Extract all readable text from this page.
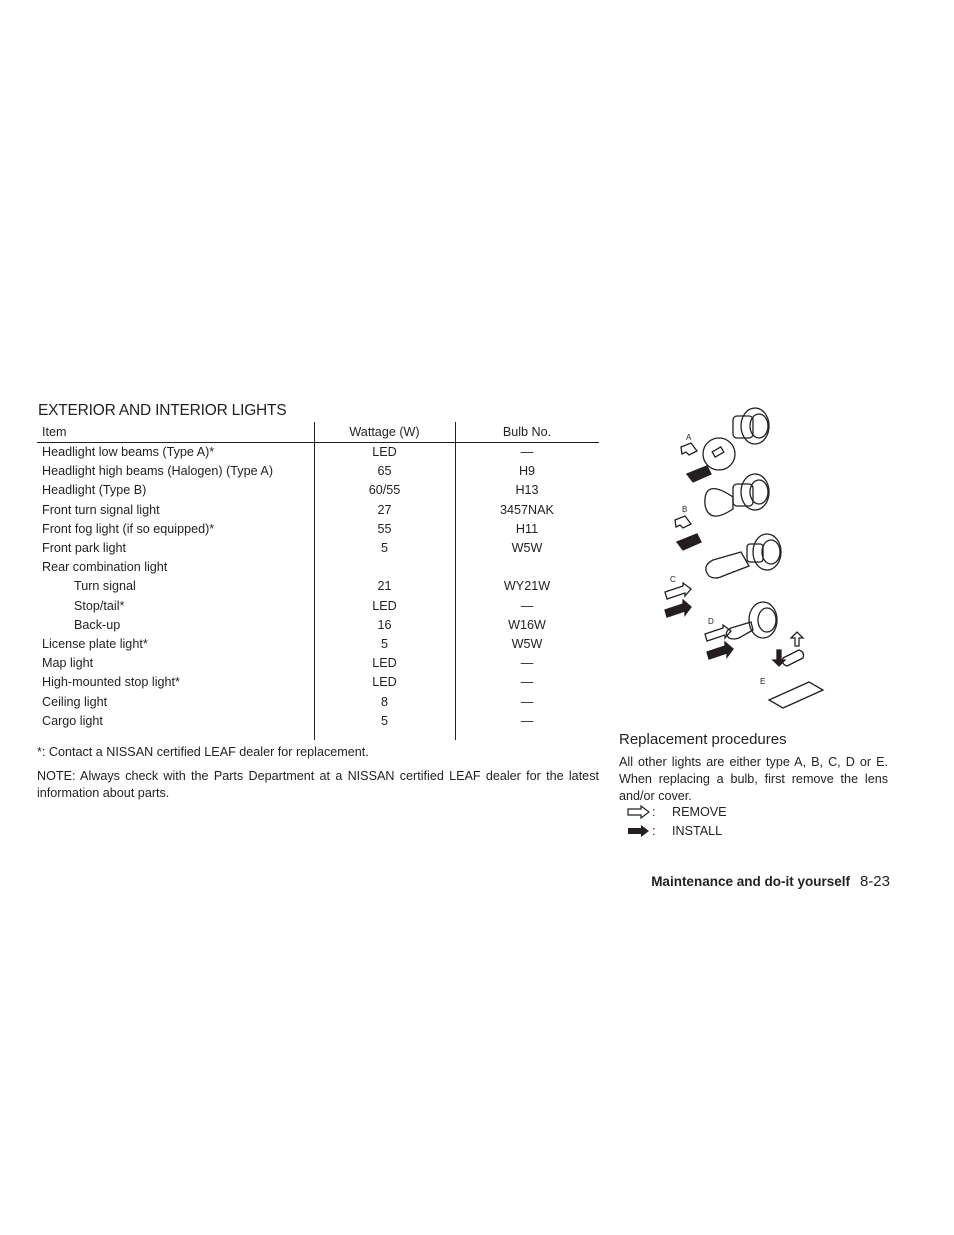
EXTERIOR AND INTERIOR LIGHTS
Item	Wattage (W)	Bulb No.
Headlight low beams (Type A)*	LED	—
Headlight high beams (Halogen) (Type A)	65	H9
Headlight (Type B)	60/55	H13
Front turn signal light	27	3457NAK
Front fog light (if so equipped)*	55	H11
Front park light	5	W5W
Rear combination light
Turn signal	21	WY21W
Stop/tail*	LED	—
Back-up	16	W16W
License plate light*	5	W5W
Map light	LED	—
High-mounted stop light*	LED	—
Ceiling light	8	—
Cargo light	5	—
*: Contact a NISSAN certified LEAF dealer for replacement.
NOTE: Always check with the Parts Department at a NISSAN certified LEAF dealer for the latest information about parts.
A
B
C
D
E
Replacement procedures
All other lights are either type A, B, C, D or E. When replacing a bulb, first remove the lens and/or cover.
:	REMOVE
:	INSTALL
Maintenance and do-it yourself 8-23
